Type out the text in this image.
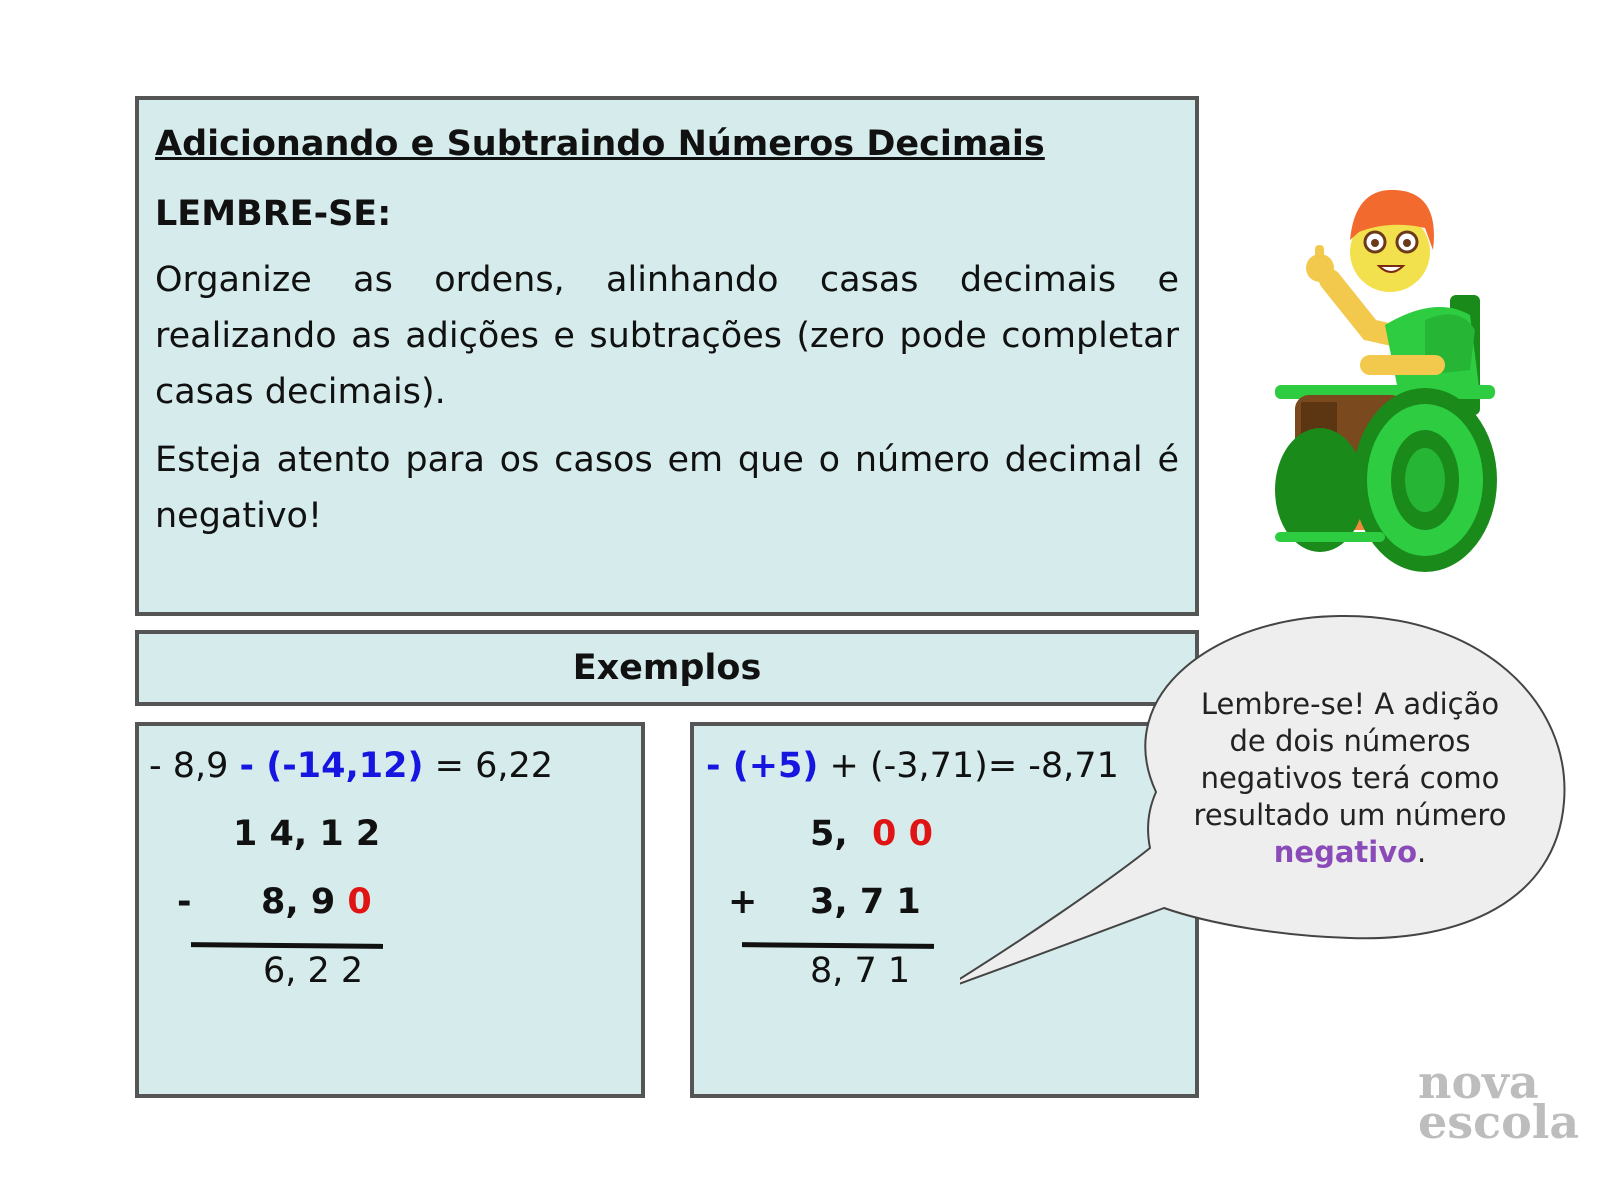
Adicionando e Subtraindo Números Decimais
LEMBRE-SE:

Organize as ordens, alinhando casas decimais e realizando as adições e subtrações (zero pode completar casas decimais).

Esteja atento para os casos em que o número decimal é negativo!

Exemplos
- 8,9 - (-14,12) = 6,22
1 4, 1 2
- 8, 9 0
6, 2 2
- (+5) + (-3,71)= -8,71
5, 0 0
+ 3, 7 1
8, 7 1
Lembre-se! A adição de dois números negativos terá como resultado um número negativo.
nova
escola
